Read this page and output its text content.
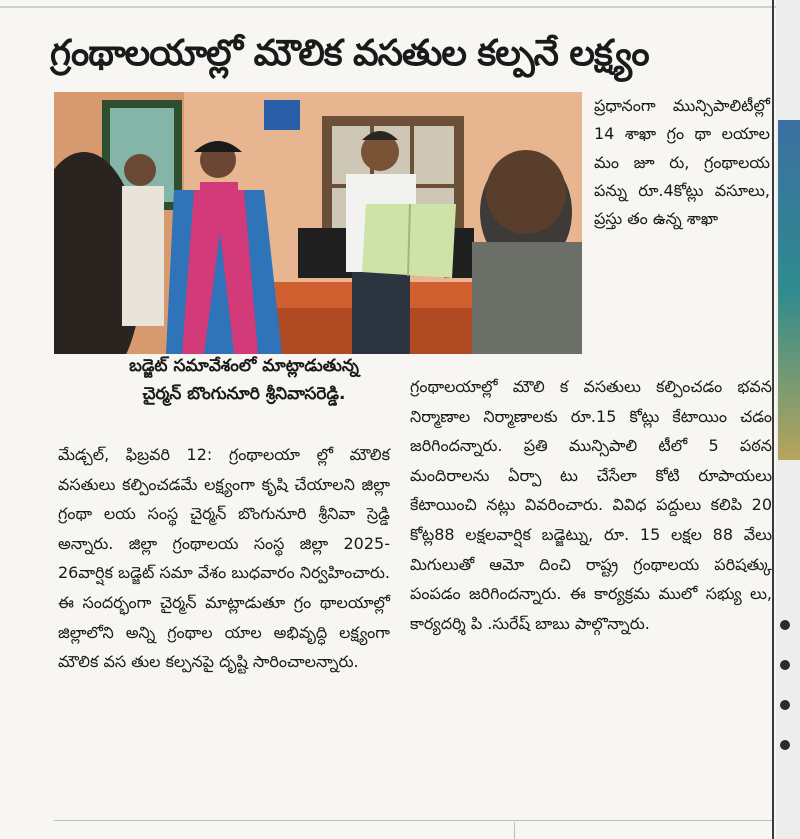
గ్రంథాలయాల్లో మౌలిక వసతుల కల్పనే లక్ష్యం
బడ్జెట్ సమావేశంలో మాట్లాడుతున్న
చైర్మన్ బొంగునూరి శ్రీనివాసరెడ్డి.

మేడ్చల్, ఫిబ్రవరి 12: గ్రంథాలయా ల్లో మౌలిక వసతులు కల్పించడమే లక్ష్యంగా కృషి చేయాలని జిల్లా గ్రంథా లయ సంస్థ చైర్మన్ బొంగునూరి శ్రీనివా స్రెడ్డి అన్నారు. జిల్లా గ్రంథాలయ సంస్థ జిల్లా 2025-26వార్షిక బడ్జెట్ సమా వేశం బుధవారం నిర్వహించారు. ఈ సందర్భంగా చైర్మన్ మాట్లాడుతూ గ్రం థాలయాల్లో జిల్లాలోని అన్ని గ్రంథాల యాల అభివృద్ధి లక్ష్యంగా మౌలిక వస తుల కల్పనపై దృష్టి సారించాలన్నారు.

ప్రధానంగా మున్సిపాలిటీల్లో 14 శాఖా గ్రం థా లయాల మం జూ రు, గ్రంథాలయ పన్ను రూ.4కోట్లు వసూలు, ప్రస్తు తం ఉన్న శాఖా

గ్రంథాలయాల్లో మౌలి క వసతులు కల్పించడం భవన నిర్మాణాల నిర్మాణాలకు రూ.15 కోట్లు కేటాయిం చడం జరిగిందన్నారు. ప్రతి మున్సిపాలి టీలో 5 పఠన మందిరాలను ఏర్పా టు చేసేలా కోటి రూపాయలు కేటాయించి నట్లు వివరించారు. వివిధ పద్దులు కలిపి 20 కోట్ల88 లక్షలవార్షిక బడ్జెట్ను, రూ. 15 లక్షల 88 వేలు మిగులుతో ఆమో దించి రాష్ట్ర గ్రంథాలయ పరిషత్కు పంపడం జరిగిందన్నారు. ఈ కార్యక్రమ ములో సభ్యు లు, కార్యదర్శి పి .సురేష్ బాబు పాల్గొన్నారు.
